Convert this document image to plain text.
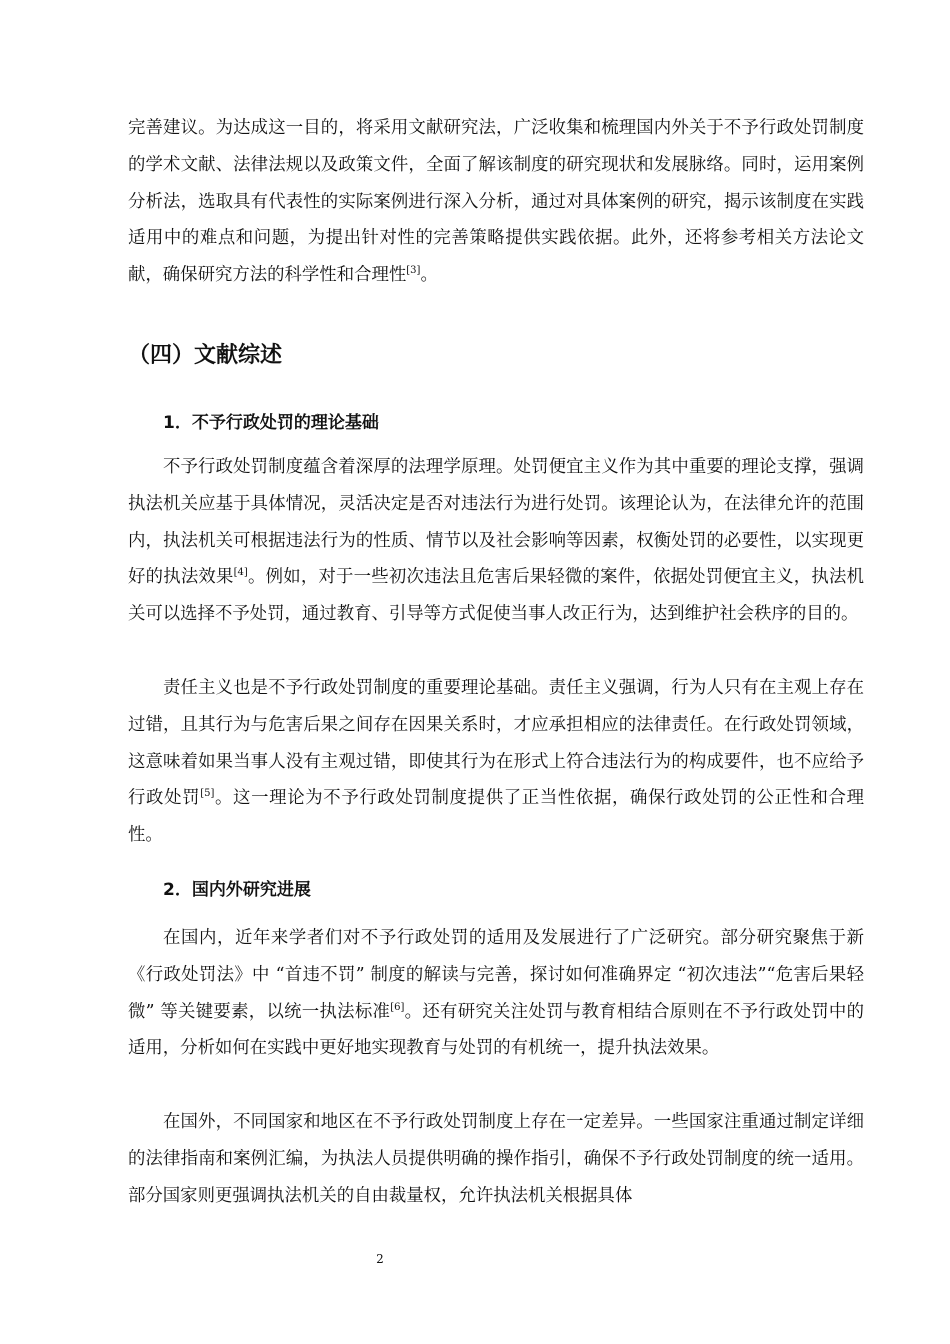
完善建议。为达成这一目的，将采用文献研究法，广泛收集和梳理国内外关于不予行政处罚制度的学术文献、法律法规以及政策文件，全面了解该制度的研究现状和发展脉络。同时，运用案例分析法，选取具有代表性的实际案例进行深入分析，通过对具体案例的研究，揭示该制度在实践适用中的难点和问题，为提出针对性的完善策略提供实践依据。此外，还将参考相关方法论文献，确保研究方法的科学性和合理性[3]。

（四）文献综述
1．不予行政处罚的理论基础

不予行政处罚制度蕴含着深厚的法理学原理。处罚便宜主义作为其中重要的理论支撑，强调执法机关应基于具体情况，灵活决定是否对违法行为进行处罚。该理论认为，在法律允许的范围内，执法机关可根据违法行为的性质、情节以及社会影响等因素，权衡处罚的必要性，以实现更好的执法效果[4]。例如，对于一些初次违法且危害后果轻微的案件，依据处罚便宜主义，执法机关可以选择不予处罚，通过教育、引导等方式促使当事人改正行为，达到维护社会秩序的目的。

责任主义也是不予行政处罚制度的重要理论基础。责任主义强调，行为人只有在主观上存在过错，且其行为与危害后果之间存在因果关系时，才应承担相应的法律责任。在行政处罚领域，这意味着如果当事人没有主观过错，即使其行为在形式上符合违法行为的构成要件，也不应给予行政处罚[5]。这一理论为不予行政处罚制度提供了正当性依据，确保行政处罚的公正性和合理性。

2．国内外研究进展

在国内，近年来学者们对不予行政处罚的适用及发展进行了广泛研究。部分研究聚焦于新《行政处罚法》中 “首违不罚” 制度的解读与完善，探讨如何准确界定 “初次违法”“危害后果轻微” 等关键要素，以统一执法标准[6]。还有研究关注处罚与教育相结合原则在不予行政处罚中的适用，分析如何在实践中更好地实现教育与处罚的有机统一，提升执法效果。

在国外，不同国家和地区在不予行政处罚制度上存在一定差异。一些国家注重通过制定详细的法律指南和案例汇编，为执法人员提供明确的操作指引，确保不予行政处罚制度的统一适用。部分国家则更强调执法机关的自由裁量权，允许执法机关根据具体

2
